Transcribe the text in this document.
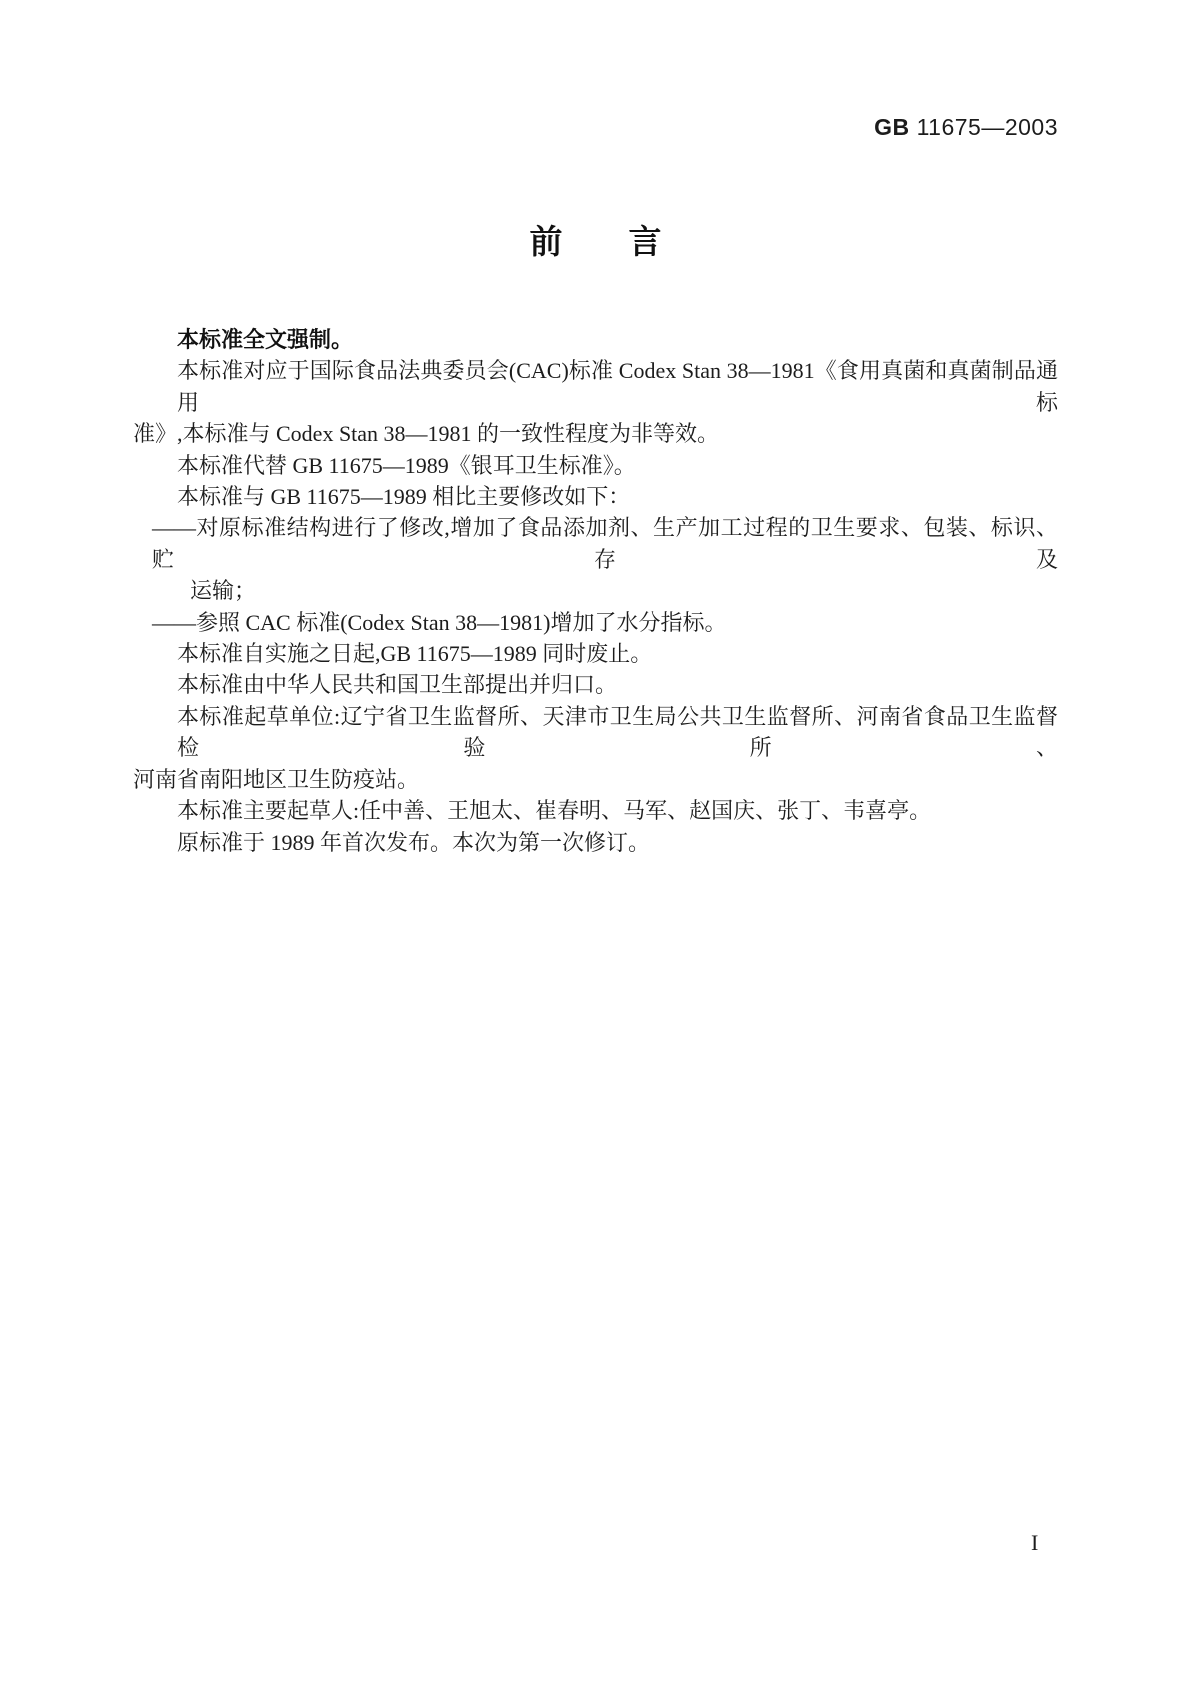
GB 11675—2003
前　　言
本标准全文强制。
本标准对应于国际食品法典委员会(CAC)标准 Codex Stan 38—1981《食用真菌和真菌制品通用标
准》,本标准与 Codex Stan 38—1981 的一致性程度为非等效。
本标准代替 GB 11675—1989《银耳卫生标准》。
本标准与 GB 11675—1989 相比主要修改如下：
——对原标准结构进行了修改,增加了食品添加剂、生产加工过程的卫生要求、包装、标识、贮存及
运输；
——参照 CAC 标准(Codex Stan 38—1981)增加了水分指标。
本标准自实施之日起,GB 11675—1989 同时废止。
本标准由中华人民共和国卫生部提出并归口。
本标准起草单位:辽宁省卫生监督所、天津市卫生局公共卫生监督所、河南省食品卫生监督检验所、
河南省南阳地区卫生防疫站。
本标准主要起草人:任中善、王旭太、崔春明、马军、赵国庆、张丁、韦喜亭。
原标准于 1989 年首次发布。本次为第一次修订。
I
